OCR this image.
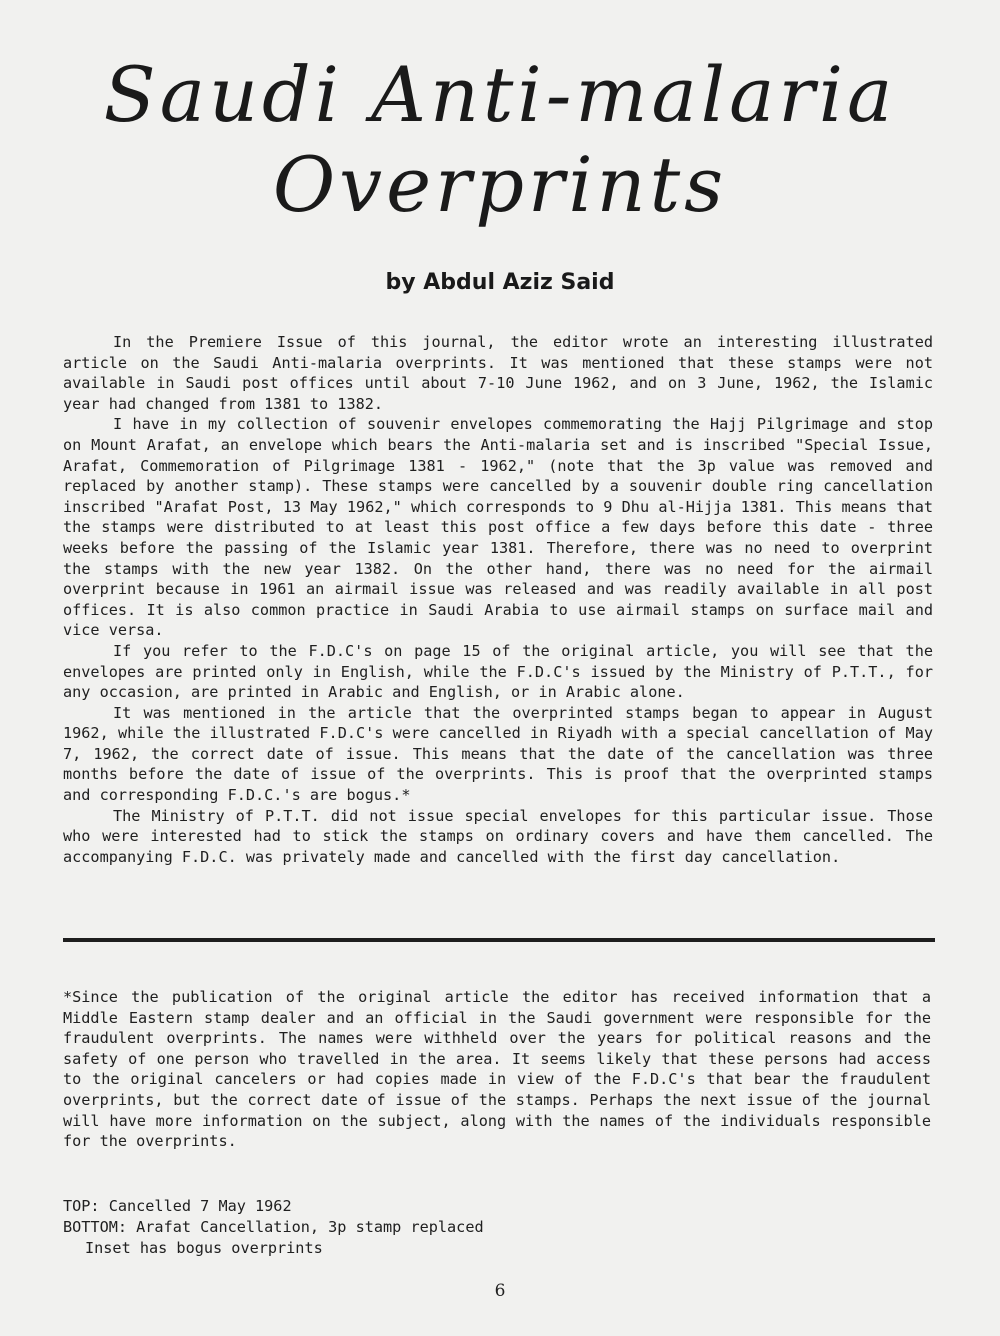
Saudi Anti-malaria
Overprints
by Abdul Aziz Said

In the Premiere Issue of this journal, the editor wrote an interesting illustrated article on the Saudi Anti-malaria overprints. It was mentioned that these stamps were not available in Saudi post offices until about 7-10 June 1962, and on 3 June, 1962, the Islamic year had changed from 1381 to 1382.

I have in my collection of souvenir envelopes commemorating the Hajj Pilgrimage and stop on Mount Arafat, an envelope which bears the Anti-malaria set and is inscribed "Special Issue, Arafat, Commemoration of Pilgrimage 1381 - 1962," (note that the 3p value was removed and replaced by another stamp). These stamps were cancelled by a souvenir double ring cancellation inscribed "Arafat Post, 13 May 1962," which corresponds to 9 Dhu al-Hijja 1381. This means that the stamps were distributed to at least this post office a few days before this date - three weeks before the passing of the Islamic year 1381. Therefore, there was no need to overprint the stamps with the new year 1382. On the other hand, there was no need for the airmail overprint because in 1961 an airmail issue was released and was readily available in all post offices. It is also common practice in Saudi Arabia to use airmail stamps on surface mail and vice versa.

If you refer to the F.D.C's on page 15 of the original article, you will see that the envelopes are printed only in English, while the F.D.C's issued by the Ministry of P.T.T., for any occasion, are printed in Arabic and English, or in Arabic alone.

It was mentioned in the article that the overprinted stamps began to appear in August 1962, while the illustrated F.D.C's were cancelled in Riyadh with a special cancellation of May 7, 1962, the correct date of issue. This means that the date of the cancellation was three months before the date of issue of the overprints. This is proof that the overprinted stamps and corresponding F.D.C.'s are bogus.*

The Ministry of P.T.T. did not issue special envelopes for this particular issue. Those who were interested had to stick the stamps on ordinary covers and have them cancelled. The accompanying F.D.C. was privately made and cancelled with the first day cancellation.

*Since the publication of the original article the editor has received information that a Middle Eastern stamp dealer and an official in the Saudi government were responsible for the fraudulent overprints. The names were withheld over the years for political reasons and the safety of one person who travelled in the area. It seems likely that these persons had access to the original cancelers or had copies made in view of the F.D.C's that bear the fraudulent overprints, but the correct date of issue of the stamps. Perhaps the next issue of the journal will have more information on the subject, along with the names of the individuals responsible for the overprints.

TOP: Cancelled 7 May 1962
BOTTOM: Arafat Cancellation, 3p stamp replaced
Inset has bogus overprints
6
